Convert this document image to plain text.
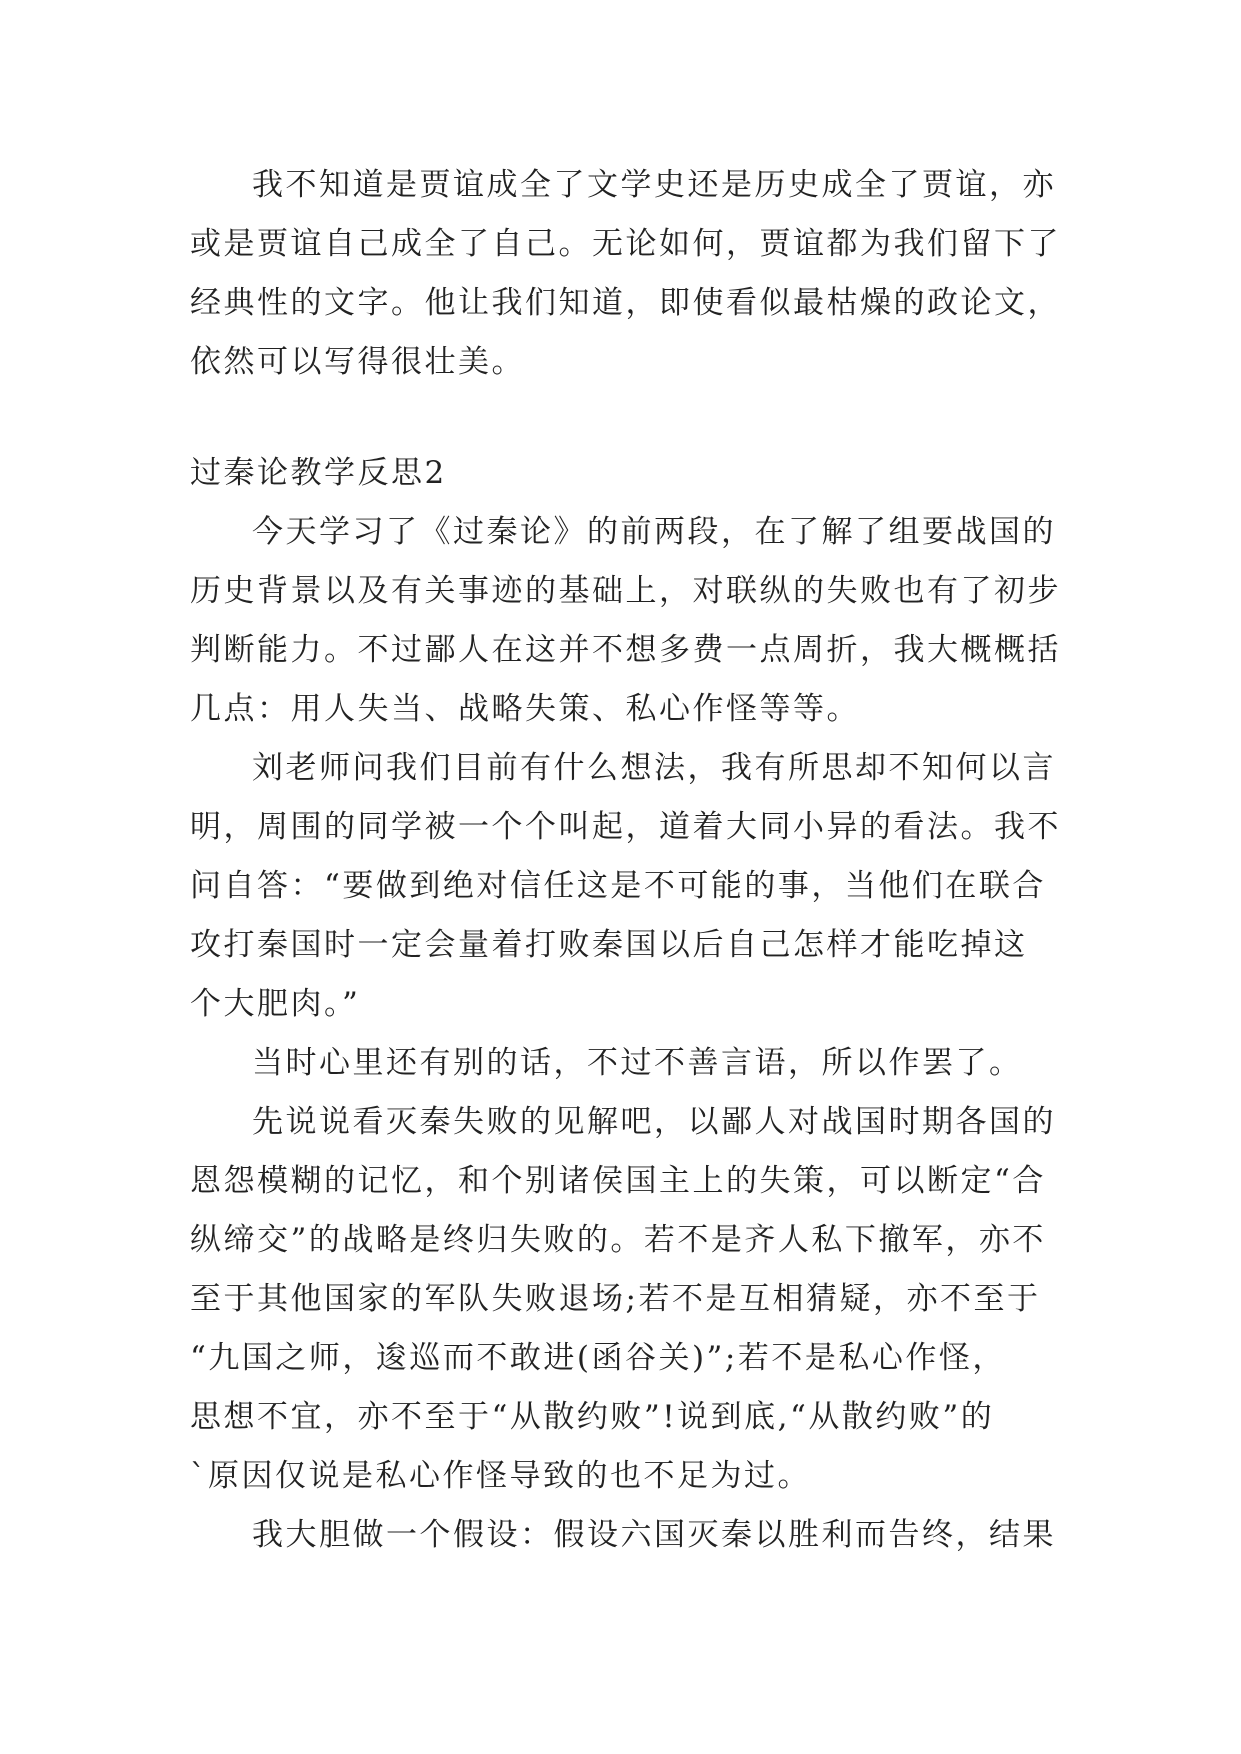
我不知道是贾谊成全了文学史还是历史成全了贾谊，亦
或是贾谊自己成全了自己。无论如何，贾谊都为我们留下了
经典性的文字。他让我们知道，即使看似最枯燥的政论文，
依然可以写得很壮美。
过秦论教学反思2
今天学习了《过秦论》的前两段，在了解了组要战国的
历史背景以及有关事迹的基础上，对联纵的失败也有了初步
判断能力。不过鄙人在这并不想多费一点周折，我大概概括
几点：用人失当、战略失策、私心作怪等等。
刘老师问我们目前有什么想法，我有所思却不知何以言
明，周围的同学被一个个叫起，道着大同小异的看法。我不
问自答：“要做到绝对信任这是不可能的事，当他们在联合
攻打秦国时一定会量着打败秦国以后自己怎样才能吃掉这
个大肥肉。”
当时心里还有别的话，不过不善言语，所以作罢了。
先说说看灭秦失败的见解吧，以鄙人对战国时期各国的
恩怨模糊的记忆，和个别诸侯国主上的失策，可以断定“合
纵缔交”的战略是终归失败的。若不是齐人私下撤军，亦不
至于其他国家的军队失败退场;若不是互相猜疑，亦不至于
“九国之师，逡巡而不敢进(函谷关)”;若不是私心作怪，
思想不宜，亦不至于“从散约败”!说到底,“从散约败”的
`原因仅说是私心作怪导致的也不足为过。
我大胆做一个假设：假设六国灭秦以胜利而告终，结果
